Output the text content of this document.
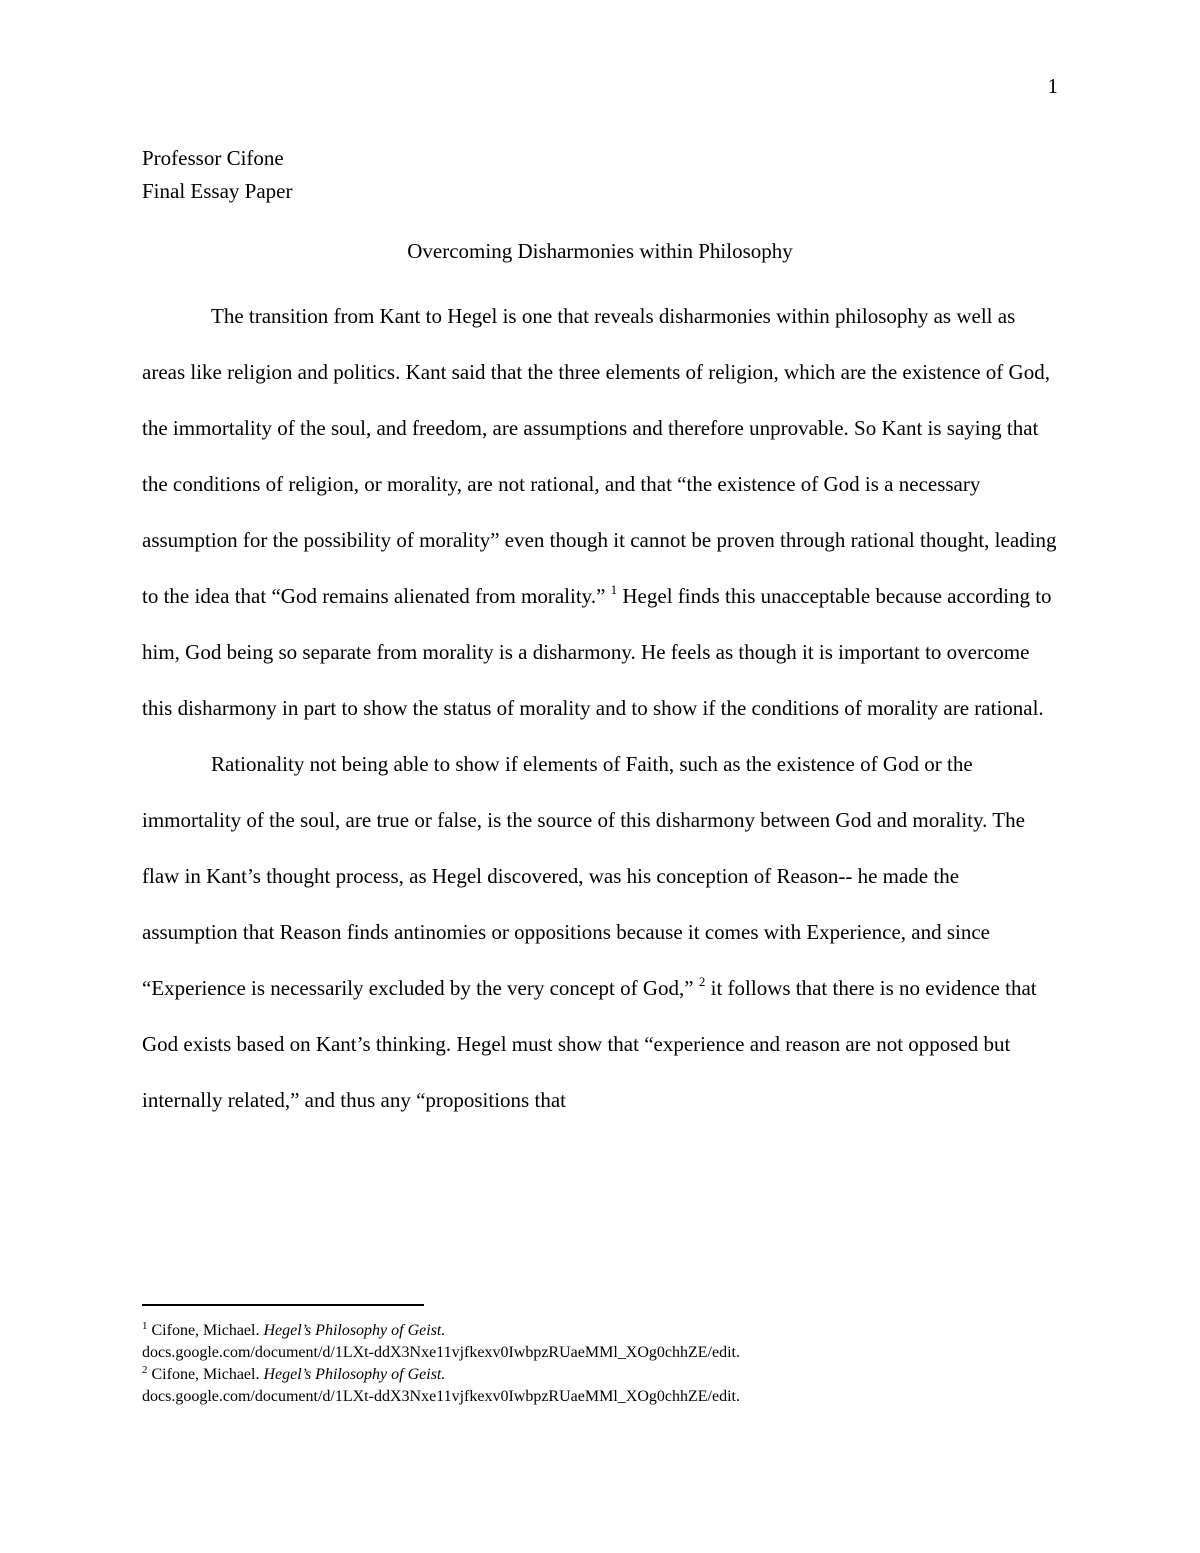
1
Professor Cifone
Final Essay Paper
Overcoming Disharmonies within Philosophy

The transition from Kant to Hegel is one that reveals disharmonies within philosophy as well as areas like religion and politics. Kant said that the three elements of religion, which are the existence of God, the immortality of the soul, and freedom, are assumptions and therefore unprovable. So Kant is saying that the conditions of religion, or morality, are not rational, and that “the existence of God is a necessary assumption for the possibility of morality” even though it cannot be proven through rational thought, leading to the idea that “God remains alienated from morality.” $^1$ Hegel finds this unacceptable because according to him, God being so separate from morality is a disharmony. He feels as though it is important to overcome this disharmony in part to show the status of morality and to show if the conditions of morality are rational.

Rationality not being able to show if elements of Faith, such as the existence of God or the immortality of the soul, are true or false, is the source of this disharmony between God and morality. The flaw in Kant’s thought process, as Hegel discovered, was his conception of Reason-- he made the assumption that Reason finds antinomies or oppositions because it comes with Experience, and since “Experience is necessarily excluded by the very concept of God,” $^2$ it follows that there is no evidence that God exists based on Kant’s thinking. Hegel must show that “experience and reason are not opposed but internally related,” and thus any “propositions that

$^1$ Cifone, Michael. Hegel’s Philosophy of Geist.
docs.google.com/document/d/1LXt-ddX3Nxe11vjfkexv0IwbpzRUaeMMl_XOg0chhZE/edit.
$^2$ Cifone, Michael. Hegel’s Philosophy of Geist.
docs.google.com/document/d/1LXt-ddX3Nxe11vjfkexv0IwbpzRUaeMMl_XOg0chhZE/edit.
